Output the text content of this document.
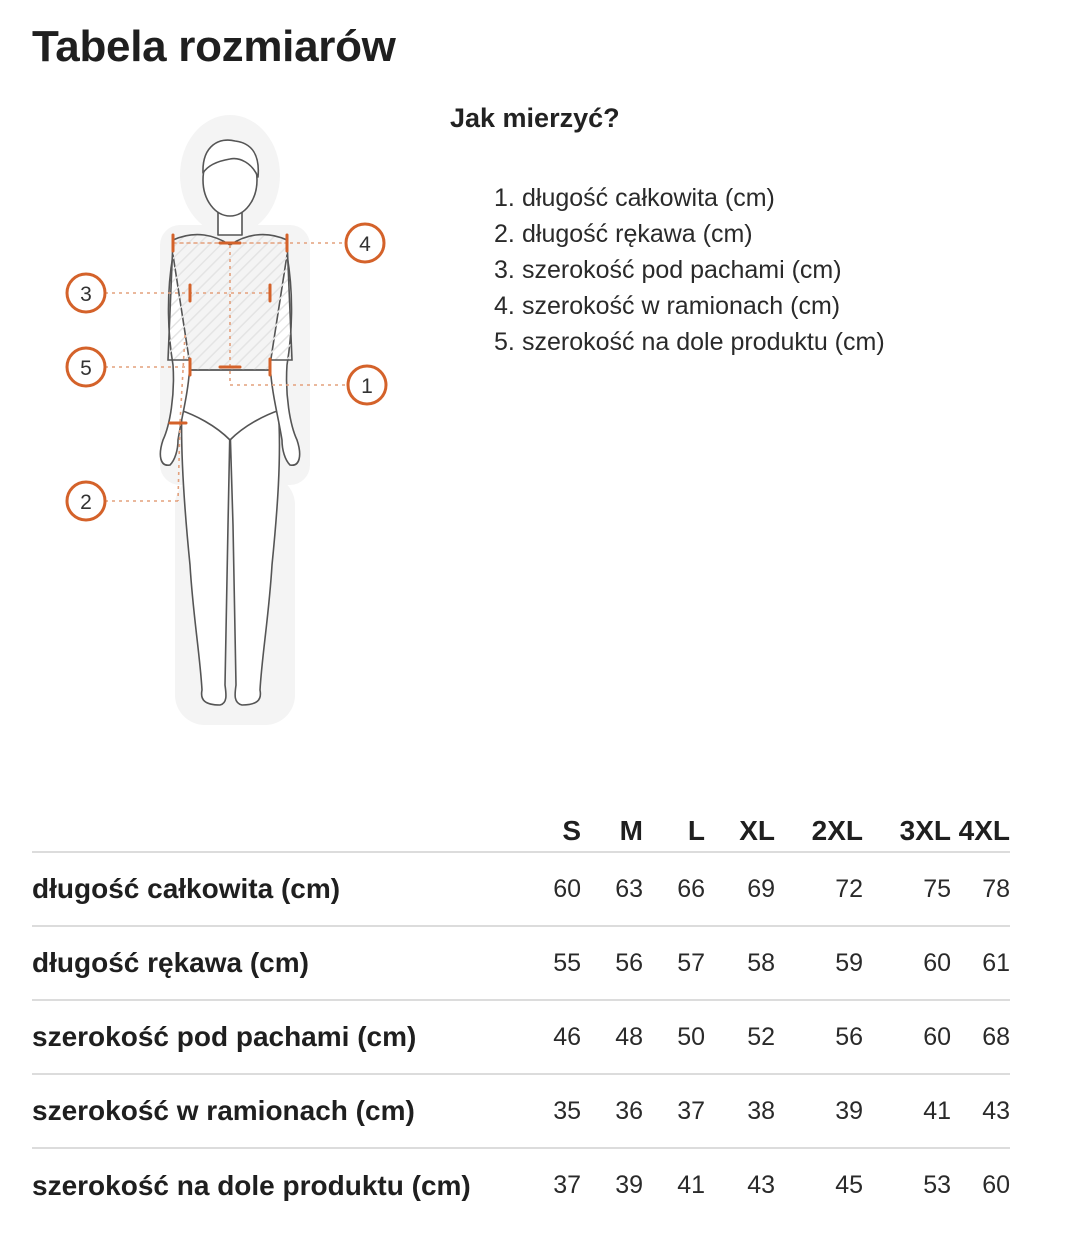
Tabela rozmiarów
4
3
5
1
2
Jak mierzyć?
1. długość całkowita (cm)
2. długość rękawa (cm)
3. szerokość pod pachami (cm)
4. szerokość w ramionach (cm)
5. szerokość na dole produktu (cm)
	S	M	L	XL	2XL	3XL	4XL
długość całkowita (cm)	60	63	66	69	72	75	78
długość rękawa (cm)	55	56	57	58	59	60	61
szerokość pod pachami (cm)	46	48	50	52	56	60	68
szerokość w ramionach (cm)	35	36	37	38	39	41	43
szerokość na dole produktu (cm)	37	39	41	43	45	53	60
